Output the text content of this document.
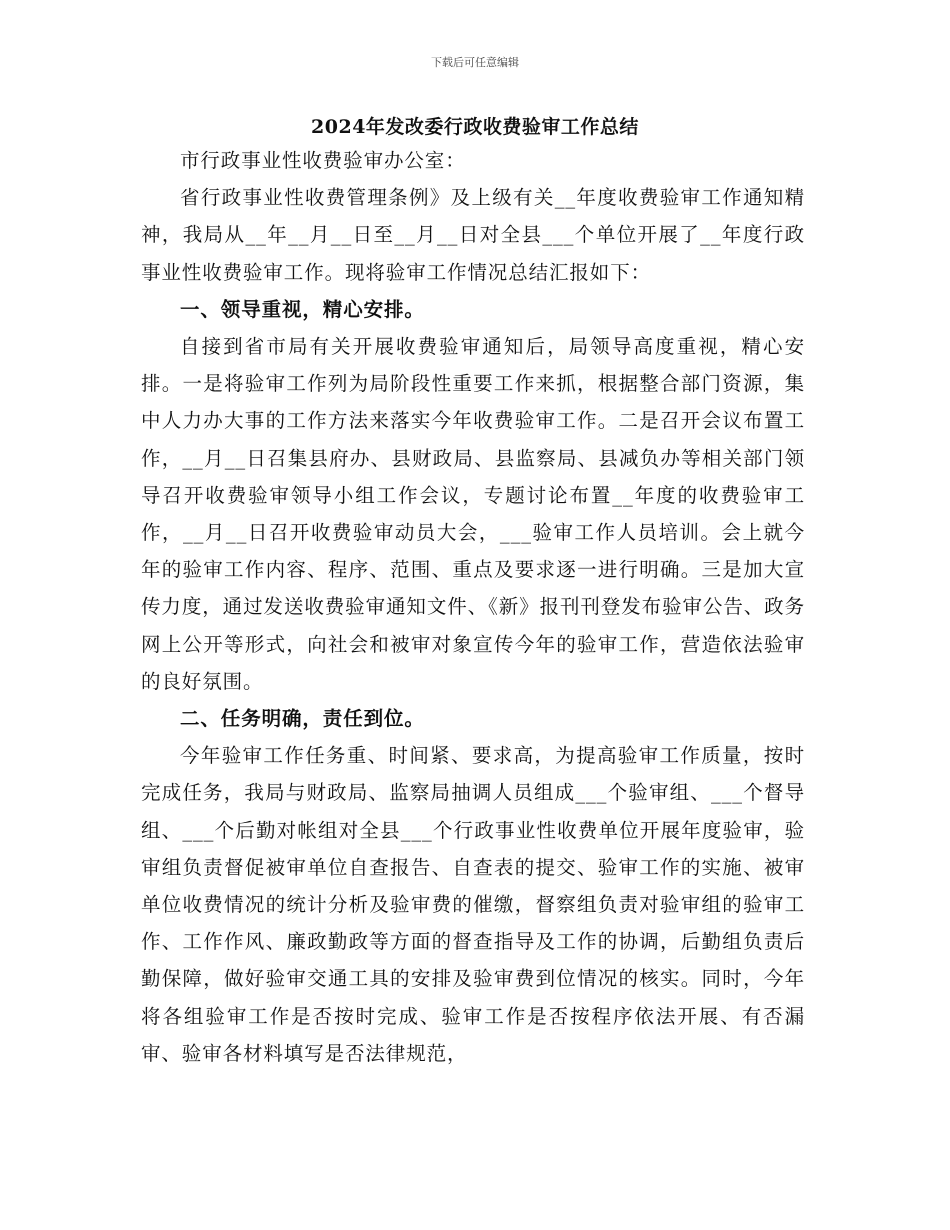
下载后可任意编辑
2024年发改委行政收费验审工作总结

市行政事业性收费验审办公室：

省行政事业性收费管理条例》及上级有关__年度收费验审工作通知精神，我局从__年__月__日至__月__日对全县___个单位开展了__年度行政事业性收费验审工作。现将验审工作情况总结汇报如下：

一、领导重视，精心安排。

自接到省市局有关开展收费验审通知后，局领导高度重视，精心安排。一是将验审工作列为局阶段性重要工作来抓，根据整合部门资源，集中人力办大事的工作方法来落实今年收费验审工作。二是召开会议布置工作，__月__日召集县府办、县财政局、县监察局、县减负办等相关部门领导召开收费验审领导小组工作会议，专题讨论布置__年度的收费验审工作，__月__日召开收费验审动员大会，___验审工作人员培训。会上就今年的验审工作内容、程序、范围、重点及要求逐一进行明确。三是加大宣传力度，通过发送收费验审通知文件、《新》报刊刊登发布验审公告、政务网上公开等形式，向社会和被审对象宣传今年的验审工作，营造依法验审的良好氛围。

二、任务明确，责任到位。

今年验审工作任务重、时间紧、要求高，为提高验审工作质量，按时完成任务，我局与财政局、监察局抽调人员组成___个验审组、___个督导组、___个后勤对帐组对全县___个行政事业性收费单位开展年度验审，验审组负责督促被审单位自查报告、自查表的提交、验审工作的实施、被审单位收费情况的统计分析及验审费的催缴，督察组负责对验审组的验审工作、工作作风、廉政勤政等方面的督查指导及工作的协调，后勤组负责后勤保障，做好验审交通工具的安排及验审费到位情况的核实。同时，今年将各组验审工作是否按时完成、验审工作是否按程序依法开展、有否漏审、验审各材料填写是否法律规范，
